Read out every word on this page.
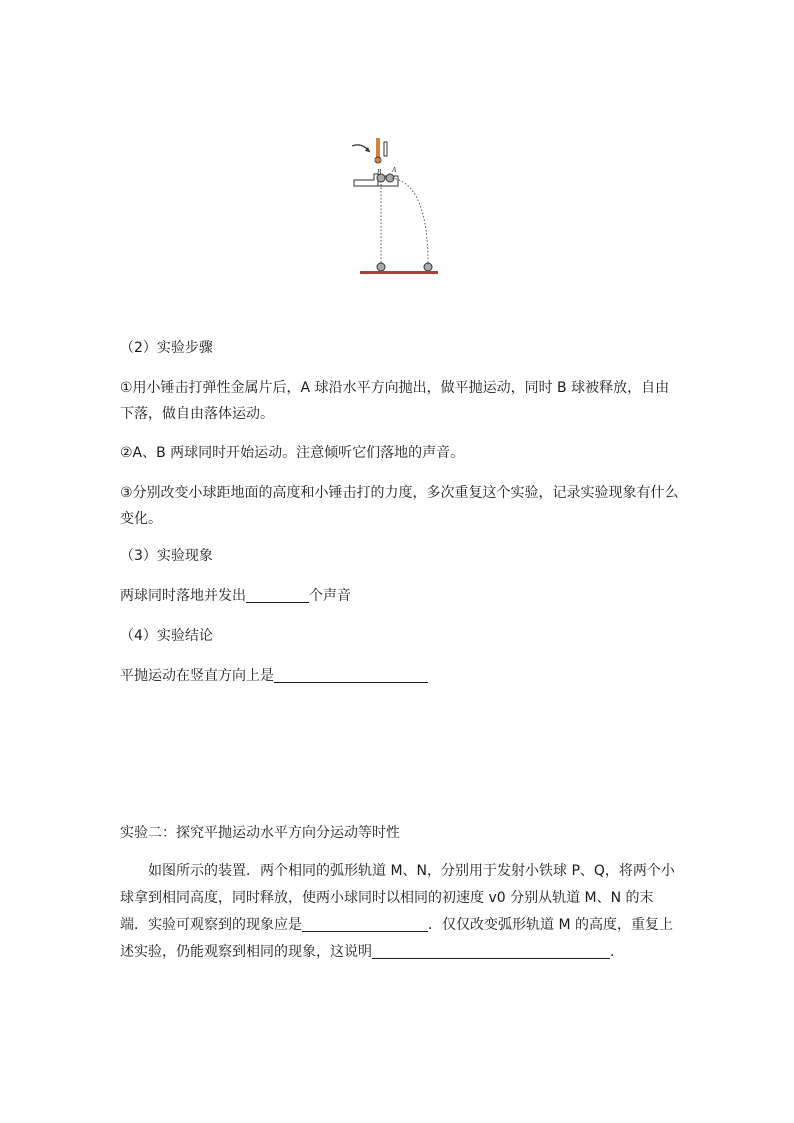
B A

（2）实验步骤

①用小锤击打弹性金属片后，A 球沿水平方向抛出，做平抛运动，同时 B 球被释放，自由下落，做自由落体运动。

②A、B 两球同时开始运动。注意倾听它们落地的声音。

③分别改变小球距地面的高度和小锤击打的力度，多次重复这个实验，记录实验现象有什么变化。

（3）实验现象

两球同时落地并发出	个声音

（4）实验结论

平抛运动在竖直方向上是

实验二：探究平抛运动水平方向分运动等时性

如图所示的装置．两个相同的弧形轨道 M、N，分别用于发射小铁球 P、Q，将两个小球拿到相同高度，同时释放，使两小球同时以相同的初速度 v0 分别从轨道 M、N 的末端．实验可观察到的现象应是	．仅仅改变弧形轨道 M 的高度，重复上述实验，仍能观察到相同的现象，这说明	．
